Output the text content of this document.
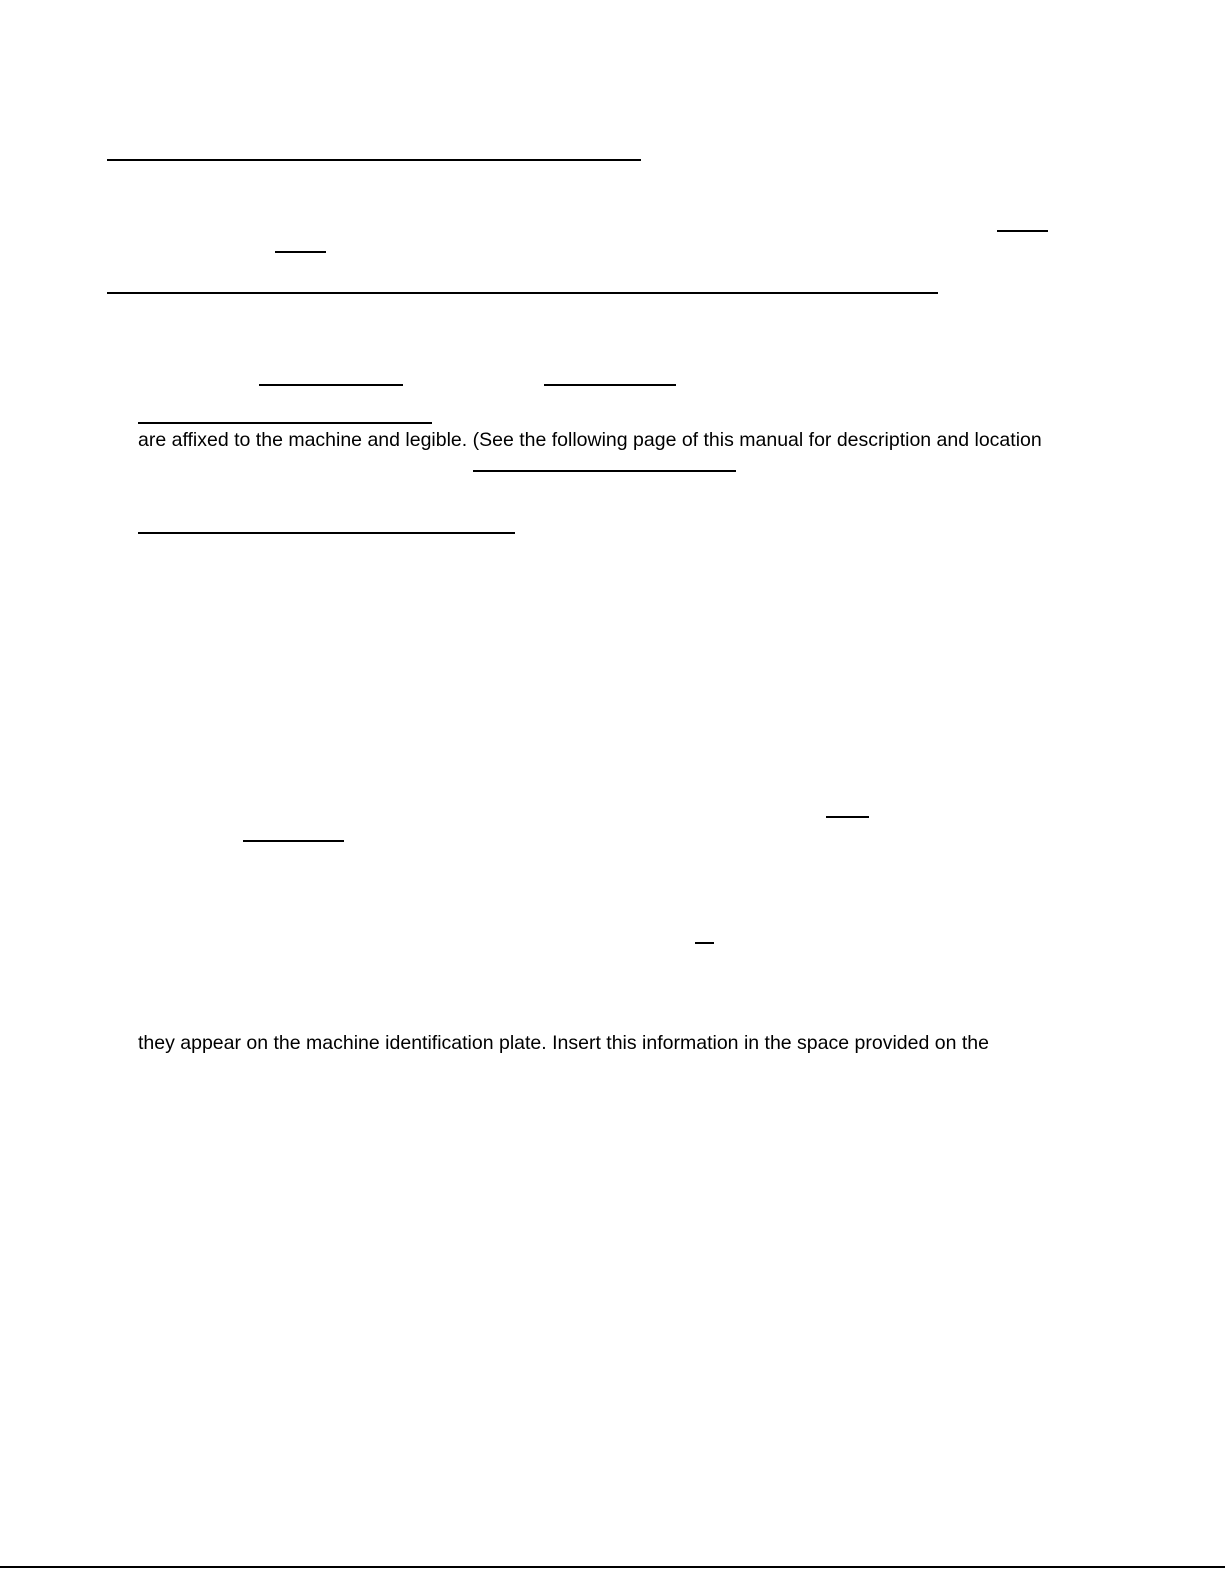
are affixed to the machine and legible. (See the following page of this manual for description and location
they appear on the machine identification plate. Insert this information in the space provided on the
